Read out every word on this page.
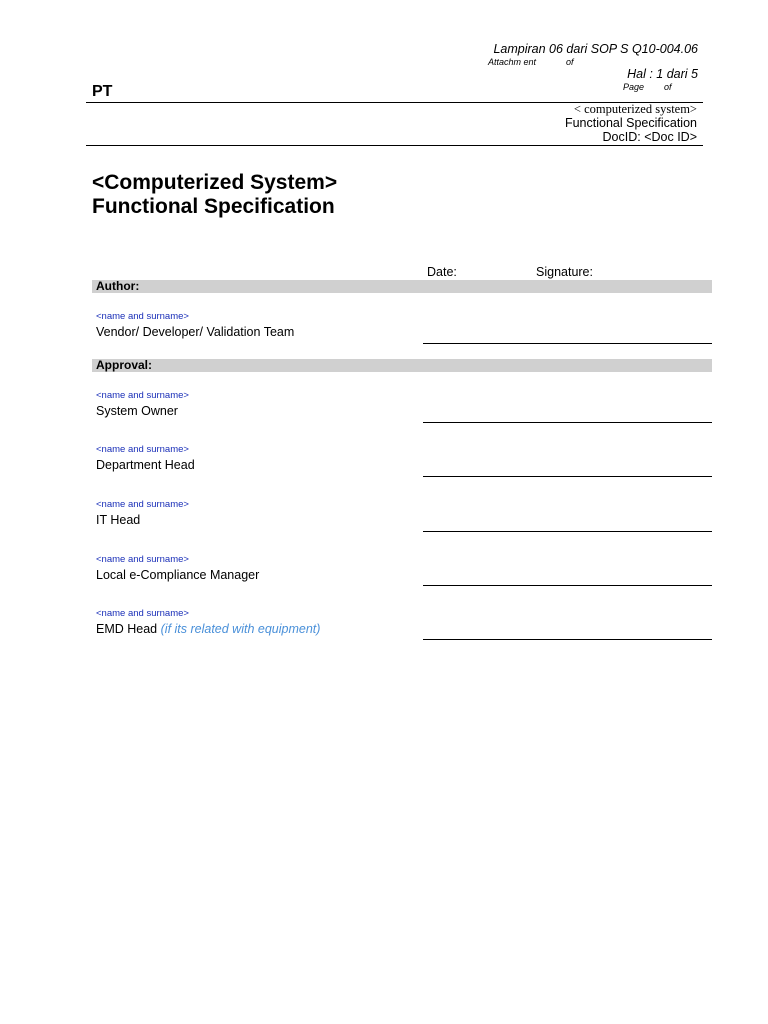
Lampiran 06 dari SOP S Q10-004.06
Attachm ent	of
Hal : 1 dari 5
Page of
PT
< computerized system>
Functional Specification
DocID: <Doc ID>
<Computerized System>
Functional Specification
Date:	Signature:
Author:
<name and surname>
Vendor/ Developer/ Validation Team
Approval:
<name and surname>
System Owner
<name and surname>
Department Head
<name and surname>
IT Head
<name and surname>
Local e-Compliance Manager
<name and surname>
EMD Head (if its related with equipment)
